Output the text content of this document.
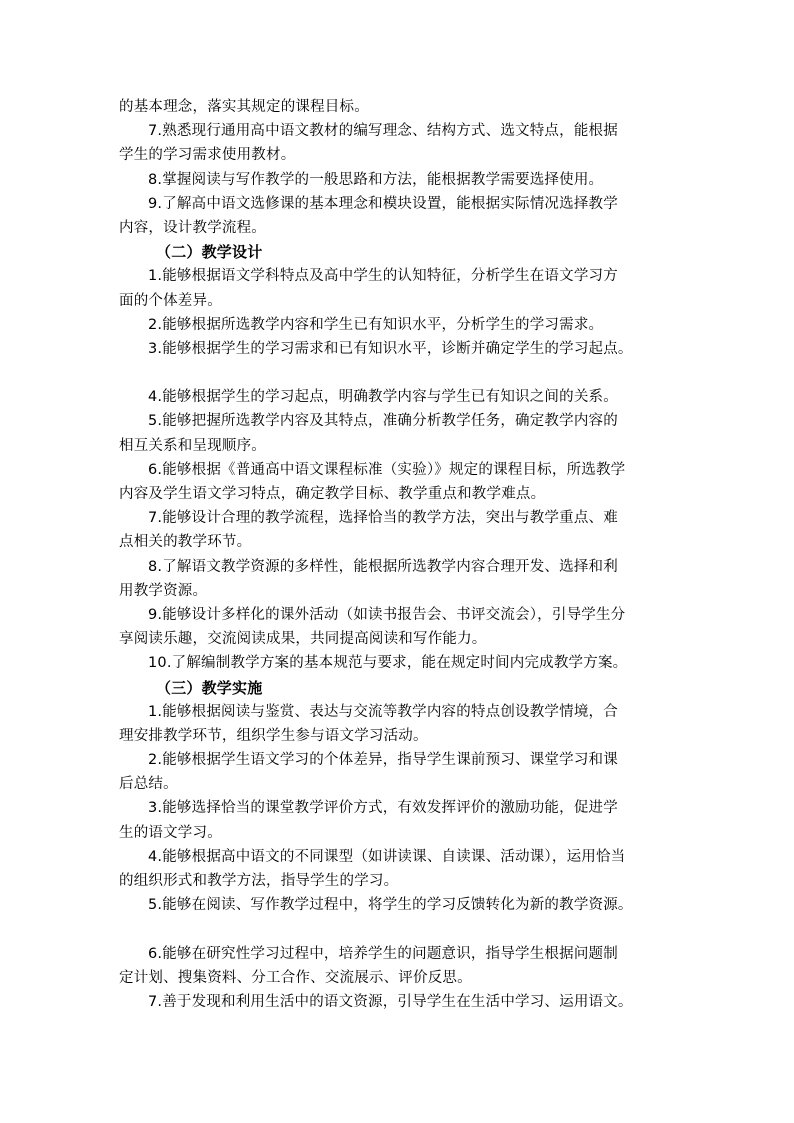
的基本理念，落实其规定的课程目标。
7.熟悉现行通用高中语文教材的编写理念、结构方式、选文特点，能根据
学生的学习需求使用教材。
8.掌握阅读与写作教学的一般思路和方法，能根据教学需要选择使用。
9.了解高中语文选修课的基本理念和模块设置，能根据实际情况选择教学
内容，设计教学流程。
（二）教学设计
1.能够根据语文学科特点及高中学生的认知特征，分析学生在语文学习方
面的个体差异。
2.能够根据所选教学内容和学生已有知识水平，分析学生的学习需求。
3.能够根据学生的学习需求和已有知识水平，诊断并确定学生的学习起点。
4.能够根据学生的学习起点，明确教学内容与学生已有知识之间的关系。
5.能够把握所选教学内容及其特点，准确分析教学任务，确定教学内容的
相互关系和呈现顺序。
6.能够根据《普通高中语文课程标准（实验）》规定的课程目标，所选教学
内容及学生语文学习特点，确定教学目标、教学重点和教学难点。
7.能够设计合理的教学流程，选择恰当的教学方法，突出与教学重点、难
点相关的教学环节。
8.了解语文教学资源的多样性，能根据所选教学内容合理开发、选择和利
用教学资源。
9.能够设计多样化的课外活动（如读书报告会、书评交流会），引导学生分
享阅读乐趣，交流阅读成果，共同提高阅读和写作能力。
10.了解编制教学方案的基本规范与要求，能在规定时间内完成教学方案。
（三）教学实施
1.能够根据阅读与鉴赏、表达与交流等教学内容的特点创设教学情境，合
理安排教学环节，组织学生参与语文学习活动。
2.能够根据学生语文学习的个体差异，指导学生课前预习、课堂学习和课
后总结。
3.能够选择恰当的课堂教学评价方式，有效发挥评价的激励功能，促进学
生的语文学习。
4.能够根据高中语文的不同课型（如讲读课、自读课、活动课），运用恰当
的组织形式和教学方法，指导学生的学习。
5.能够在阅读、写作教学过程中，将学生的学习反馈转化为新的教学资源。
6.能够在研究性学习过程中，培养学生的问题意识，指导学生根据问题制
定计划、搜集资料、分工合作、交流展示、评价反思。
7.善于发现和利用生活中的语文资源，引导学生在生活中学习、运用语文。
